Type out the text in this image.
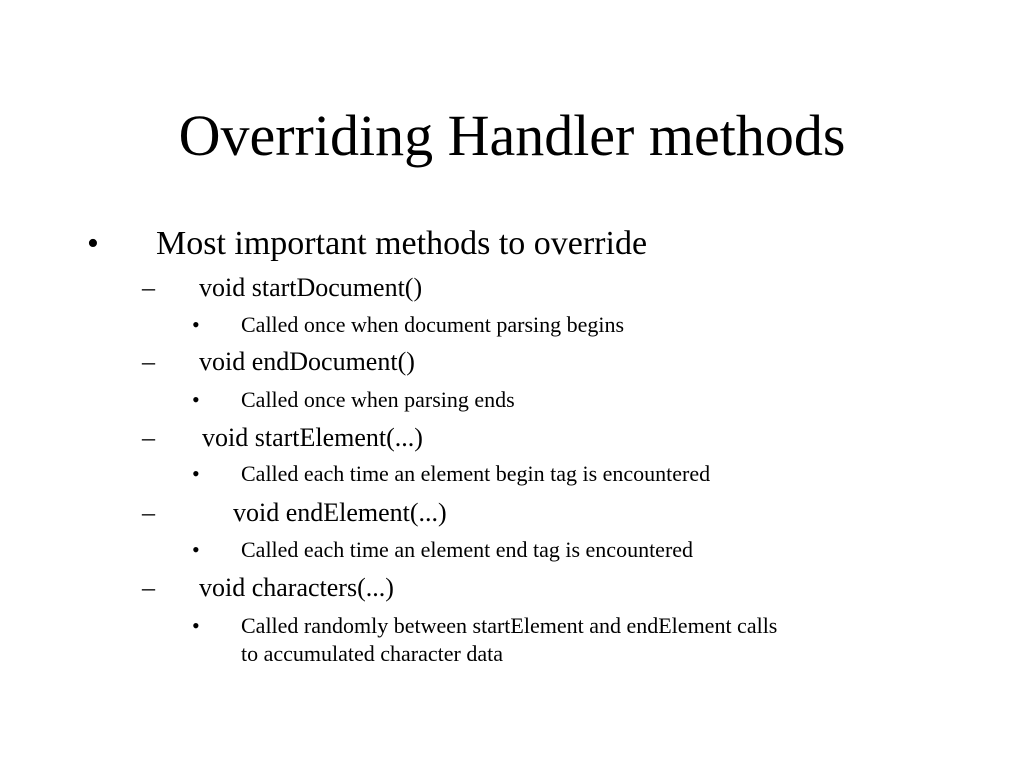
Overriding Handler methods
• Most important methods to override
– void startDocument()
• Called once when document parsing begins
– void endDocument()
• Called once when parsing ends
– void startElement(...)
• Called each time an element begin tag is encountered
–	void endElement(...)
• Called each time an element end tag is encountered
– void characters(...)
• Called randomly between startElement and endElement calls
to accumulated character data
